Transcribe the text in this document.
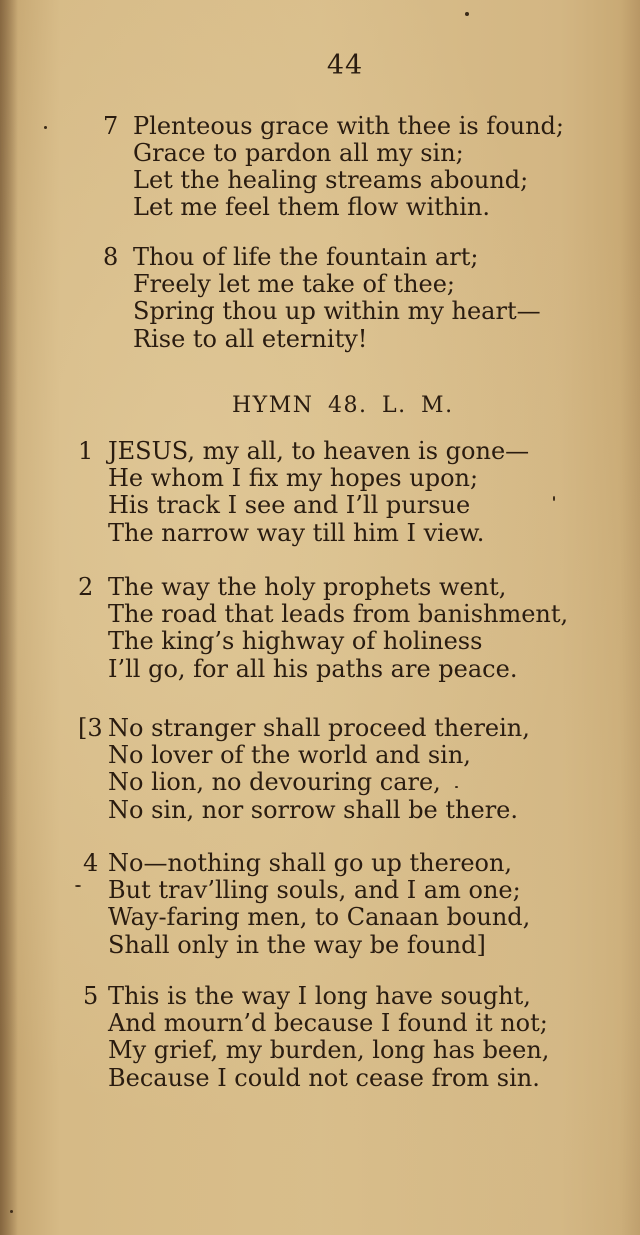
44
7 Plenteous grace with thee is found;
Grace to pardon all my sin;
Let the healing streams abound;
Let me feel them flow within.
8 Thou of life the fountain art;
Freely let me take of thee;
Spring thou up within my heart—
Rise to all eternity!
HYMN 48. L. M.
1 JESUS, my all, to heaven is gone—
He whom I fix my hopes upon;
His track I see and I’ll pursue
The narrow way till him I view.
2 The way the holy prophets went,
The road that leads from banishment,
The king’s highway of holiness
I’ll go, for all his paths are peace.
[3 No stranger shall proceed therein,
No lover of the world and sin,
No lion, no devouring care,
No sin, nor sorrow shall be there.
4 No—nothing shall go up thereon,
But trav’lling souls, and I am one;
Way-faring men, to Canaan bound,
Shall only in the way be found]
5 This is the way I long have sought,
And mourn’d because I found it not;
My grief, my burden, long has been,
Because I could not cease from sin.
